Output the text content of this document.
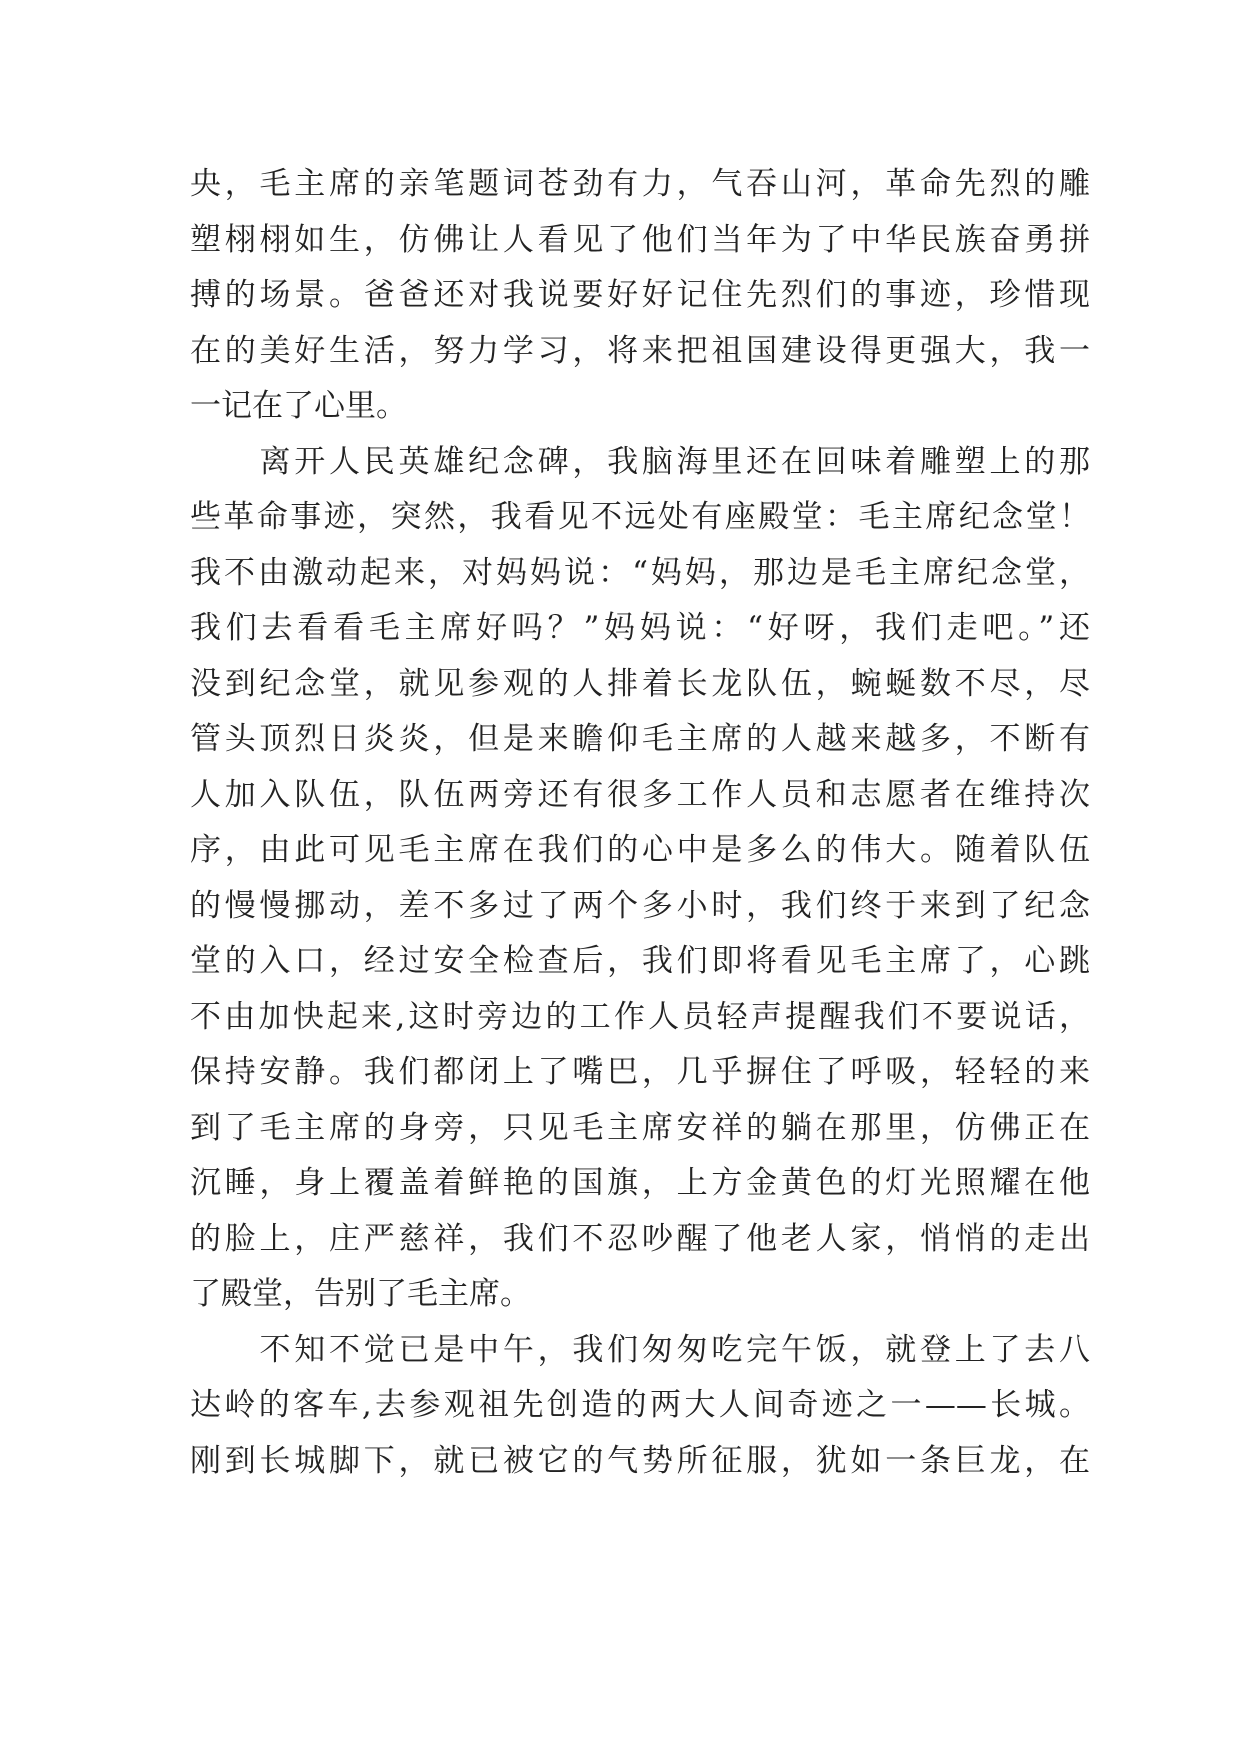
央，毛主席的亲笔题词苍劲有力，气吞山河，革命先烈的雕
塑栩栩如生，仿佛让人看见了他们当年为了中华民族奋勇拼
搏的场景。爸爸还对我说要好好记住先烈们的事迹，珍惜现
在的美好生活，努力学习，将来把祖国建设得更强大，我一
一记在了心里。
　　离开人民英雄纪念碑，我脑海里还在回味着雕塑上的那
些革命事迹，突然，我看见不远处有座殿堂：毛主席纪念堂！
我不由激动起来，对妈妈说：“妈妈，那边是毛主席纪念堂，
我们去看看毛主席好吗？”妈妈说：“好呀，我们走吧。”还
没到纪念堂，就见参观的人排着长龙队伍，蜿蜒数不尽，尽
管头顶烈日炎炎，但是来瞻仰毛主席的人越来越多，不断有
人加入队伍，队伍两旁还有很多工作人员和志愿者在维持次
序，由此可见毛主席在我们的心中是多么的伟大。随着队伍
的慢慢挪动，差不多过了两个多小时，我们终于来到了纪念
堂的入口，经过安全检查后，我们即将看见毛主席了，心跳
不由加快起来,这时旁边的工作人员轻声提醒我们不要说话，
保持安静。我们都闭上了嘴巴，几乎摒住了呼吸，轻轻的来
到了毛主席的身旁，只见毛主席安祥的躺在那里，仿佛正在
沉睡，身上覆盖着鲜艳的国旗，上方金黄色的灯光照耀在他
的脸上，庄严慈祥，我们不忍吵醒了他老人家，悄悄的走出
了殿堂，告别了毛主席。
　　不知不觉已是中午，我们匆匆吃完午饭，就登上了去八
达岭的客车,去参观祖先创造的两大人间奇迹之一——长城。
刚到长城脚下，就已被它的气势所征服，犹如一条巨龙，在
